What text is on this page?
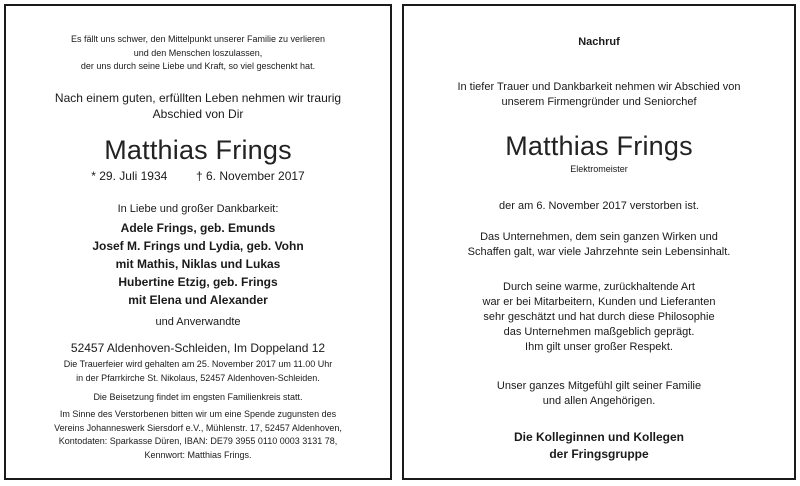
Es fällt uns schwer, den Mittelpunkt unserer Familie zu verlieren
und den Menschen loszulassen,
der uns durch seine Liebe und Kraft, so viel geschenkt hat.
Nach einem guten, erfüllten Leben nehmen wir traurig
Abschied von Dir
Matthias Frings
* 29. Juli 1934 † 6. November 2017
In Liebe und großer Dankbarkeit:
Adele Frings, geb. Emunds
Josef M. Frings und Lydia, geb. Vohn
mit Mathis, Niklas und Lukas
Hubertine Etzig, geb. Frings
mit Elena und Alexander
und Anverwandte
52457 Aldenhoven-Schleiden, Im Doppeland 12
Die Trauerfeier wird gehalten am 25. November 2017 um 11.00 Uhr
in der Pfarrkirche St. Nikolaus, 52457 Aldenhoven-Schleiden.
Die Beisetzung findet im engsten Familienkreis statt.
Im Sinne des Verstorbenen bitten wir um eine Spende zugunsten des
Vereins Johanneswerk Siersdorf e.V., Mühlenstr. 17, 52457 Aldenhoven,
Kontodaten: Sparkasse Düren, IBAN: DE79 3955 0110 0003 3131 78,
Kennwort: Matthias Frings.
Nachruf
In tiefer Trauer und Dankbarkeit nehmen wir Abschied von
unserem Firmengründer und Seniorchef
Matthias Frings
Elektromeister
der am 6. November 2017 verstorben ist.
Das Unternehmen, dem sein ganzen Wirken und
Schaffen galt, war viele Jahrzehnte sein Lebensinhalt.
Durch seine warme, zurückhaltende Art
war er bei Mitarbeitern, Kunden und Lieferanten
sehr geschätzt und hat durch diese Philosophie
das Unternehmen maßgeblich geprägt.
Ihm gilt unser großer Respekt.
Unser ganzes Mitgefühl gilt seiner Familie
und allen Angehörigen.
Die Kolleginnen und Kollegen
der Fringsgruppe
